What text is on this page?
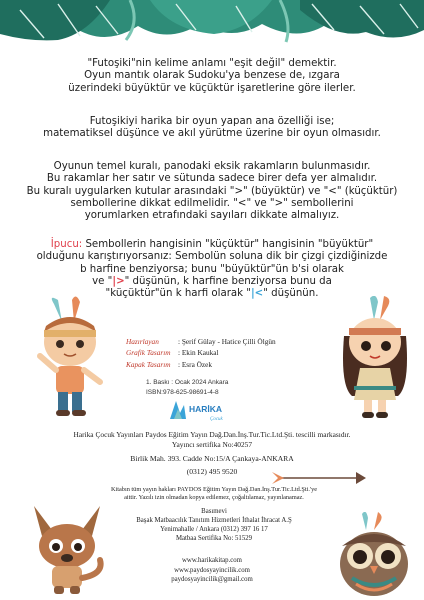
"Futoşiki"nin kelime anlamı "eşit değil" demektir.
Oyun mantık olarak Sudoku'ya benzese de, ızgara
üzerindeki büyüktür ve küçüktür işaretlerine göre ilerler.
Futoşikiyi harika bir oyun yapan ana özelliği ise;
matematiksel düşünce ve akıl yürütme üzerine bir oyun olmasıdır.
Oyunun temel kuralı, panodaki eksik rakamların bulunmasıdır.
Bu rakamlar her satır ve sütunda sadece birer defa yer almalıdır.
Bu kuralı uygularken kutular arasındaki ">" (büyüktür) ve "<" (küçüktür)
sembollerine dikkat edilmelidir. "<" ve ">" sembollerini
yorumlarken etrafındaki sayıları dikkate almalıyız.
İpucu: Sembollerin hangisinin "küçüktür" hangisinin "büyüktür"
olduğunu karıştırıyorsanız: Sembolün soluna dik bir çizgi çizdiğinizde
b harfine benziyorsa; bunu "büyüktür"ün b'si olarak
ve "|>" düşünün, k harfine benziyorsa bunu da
"küçüktür"ün k harfi olarak "|<" düşünün.
Hazırlayan	: Şerif Gülay - Hatice Çilli Ölgün
Grafik Tasarım	: Ekin Kaukal
Kapak Tasarım	: Esra Özek
1. Baskı : Ocak 2024 Ankara
ISBN:978-625-98691-4-8
HARİKA
Çocuk
Harika Çocuk Yayınları Paydos Eğitim Yayın Dağ.Dan.İnş.Tur.Tic.Ltd.Şti. tescilli markasıdır.
Yayıncı sertifika No:40257
Birlik Mah. 393. Cadde No:15/A Çankaya-ANKARA
(0312) 495 9520
Kitabın tüm yayın hakları PAYDOS Eğitim Yayın Dağ.Dan.İnş.Tur.Tic.Ltd.Şti.'ye
aittir. Yazılı izin olmadan kopya edilemez, çoğaltılamaz, yayınlanamaz.
Basımevi
Başak Matbaacılık Tanıtım Hizmetleri İthalat İhracat A.Ş
Yenimahalle / Ankara (0312) 397 16 17
Matbaa Sertifika No: 51529
www.harikakitap.com
www.paydosyayincilik.com
paydosyayincilik@gmail.com
